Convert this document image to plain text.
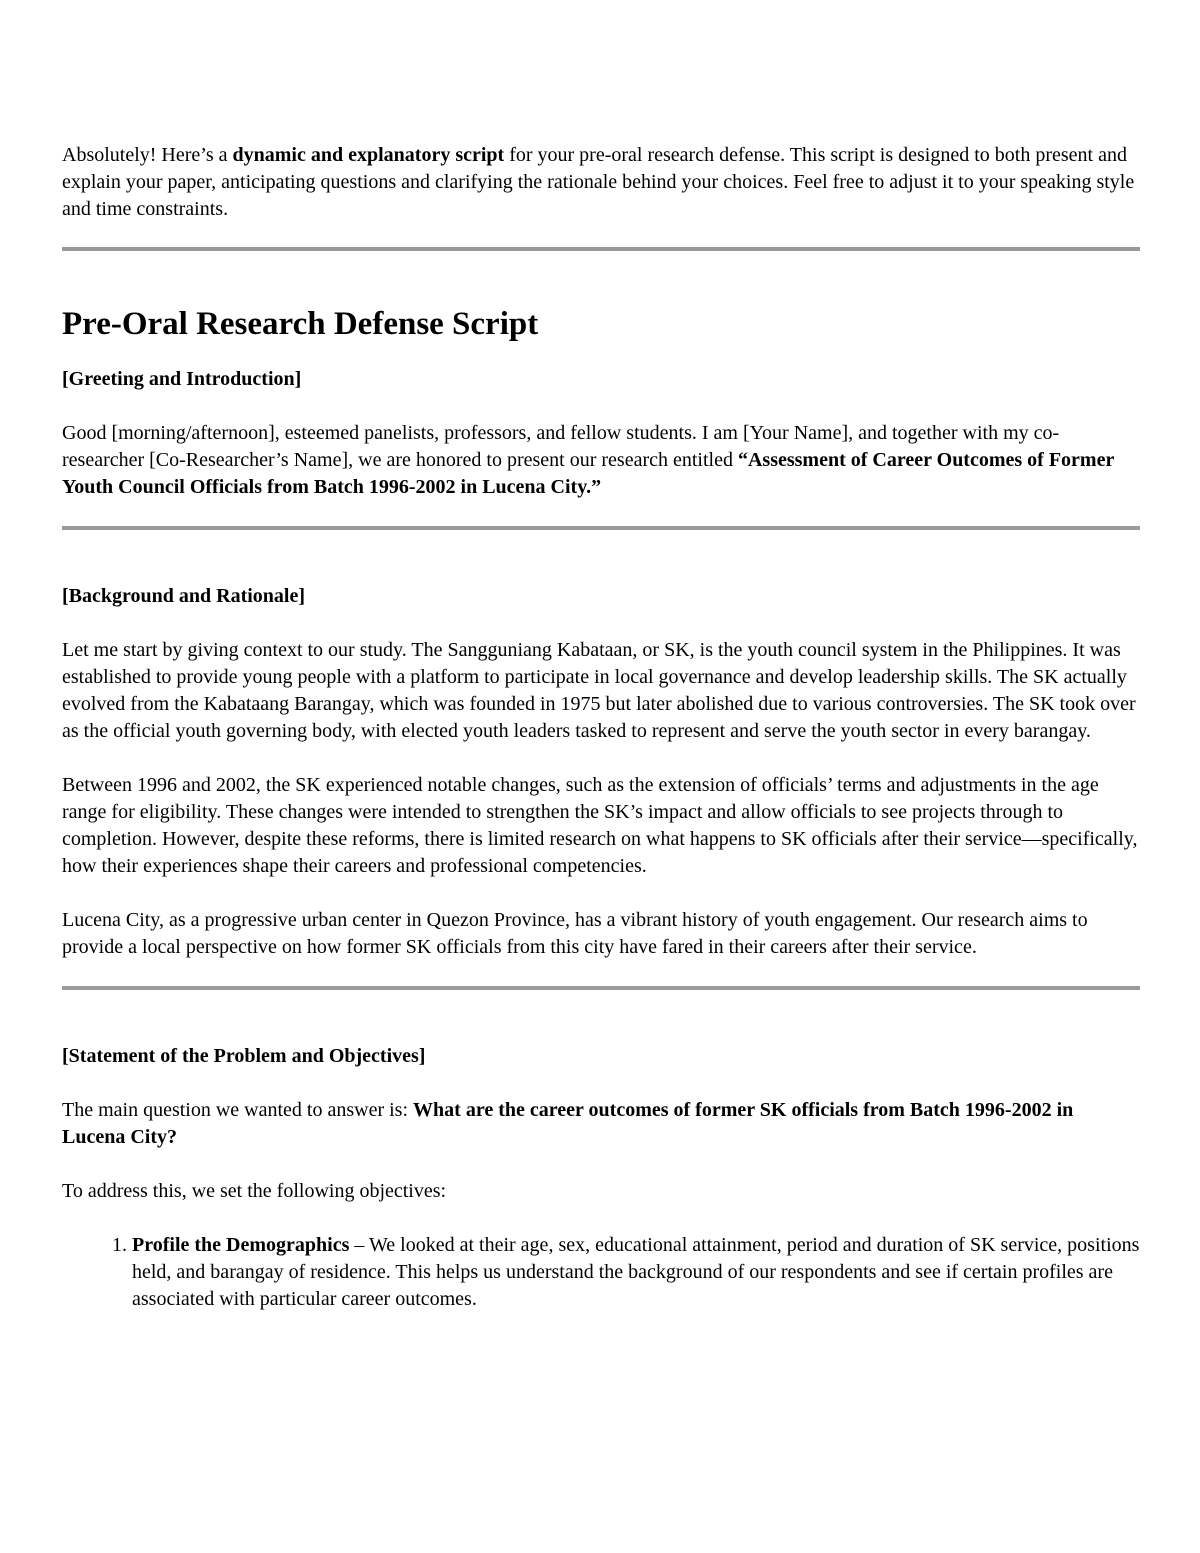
Absolutely! Here’s a dynamic and explanatory script for your pre-oral research defense. This script is designed to both present and explain your paper, anticipating questions and clarifying the rationale behind your choices. Feel free to adjust it to your speaking style and time constraints.

Pre-Oral Research Defense Script

[Greeting and Introduction]

Good [morning/afternoon], esteemed panelists, professors, and fellow students. I am [Your Name], and together with my co-researcher [Co-Researcher’s Name], we are honored to present our research entitled “Assessment of Career Outcomes of Former Youth Council Officials from Batch 1996-2002 in Lucena City.”

[Background and Rationale]

Let me start by giving context to our study. The Sangguniang Kabataan, or SK, is the youth council system in the Philippines. It was established to provide young people with a platform to participate in local governance and develop leadership skills. The SK actually evolved from the Kabataang Barangay, which was founded in 1975 but later abolished due to various controversies. The SK took over as the official youth governing body, with elected youth leaders tasked to represent and serve the youth sector in every barangay.

Between 1996 and 2002, the SK experienced notable changes, such as the extension of officials’ terms and adjustments in the age range for eligibility. These changes were intended to strengthen the SK’s impact and allow officials to see projects through to completion. However, despite these reforms, there is limited research on what happens to SK officials after their service—specifically, how their experiences shape their careers and professional competencies.

Lucena City, as a progressive urban center in Quezon Province, has a vibrant history of youth engagement. Our research aims to provide a local perspective on how former SK officials from this city have fared in their careers after their service.

[Statement of the Problem and Objectives]

The main question we wanted to answer is: What are the career outcomes of former SK officials from Batch 1996-2002 in Lucena City?

To address this, we set the following objectives:

1. Profile the Demographics – We looked at their age, sex, educational attainment, period and duration of SK service, positions held, and barangay of residence. This helps us understand the background of our respondents and see if certain profiles are associated with particular career outcomes.
